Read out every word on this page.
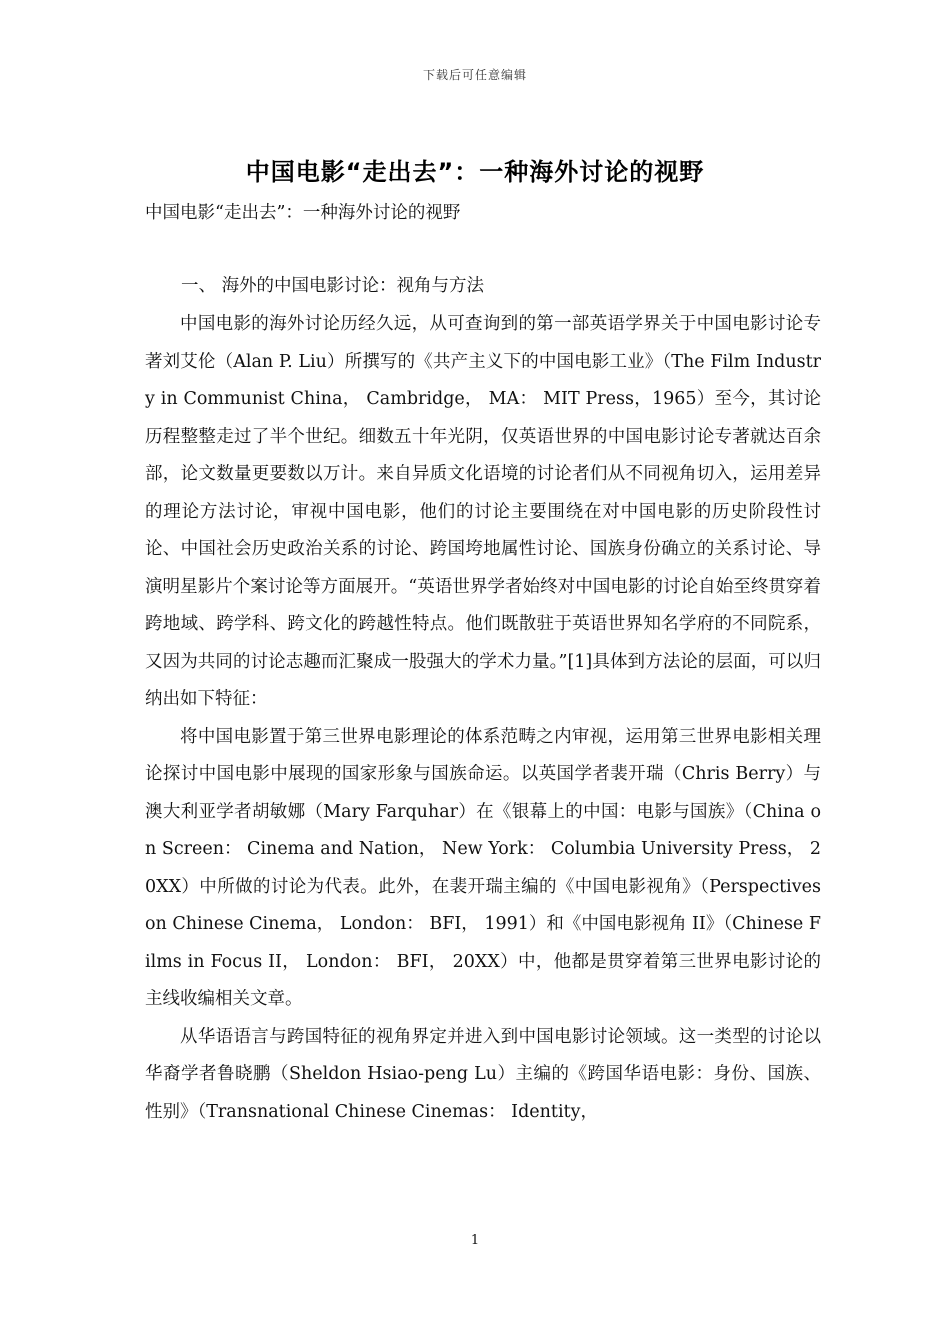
下载后可任意编辑
中国电影“走出去”：一种海外讨论的视野

中国电影“走出去”：一种海外讨论的视野

一、 海外的中国电影讨论：视角与方法

中国电影的海外讨论历经久远，从可查询到的第一部英语学界关于中国电影讨论专著刘艾伦（Alan P. Liu）所撰写的《共产主义下的中国电影工业》（The Film Industry in Communist China， Cambridge， MA： MIT Press，1965）至今，其讨论历程整整走过了半个世纪。细数五十年光阴，仅英语世界的中国电影讨论专著就达百余部，论文数量更要数以万计。来自异质文化语境的讨论者们从不同视角切入，运用差异的理论方法讨论，审视中国电影，他们的讨论主要围绕在对中国电影的历史阶段性讨论、中国社会历史政治关系的讨论、跨国垮地属性讨论、国族身份确立的关系讨论、导演明星影片个案讨论等方面展开。“英语世界学者始终对中国电影的讨论自始至终贯穿着跨地域、跨学科、跨文化的跨越性特点。他们既散驻于英语世界知名学府的不同院系，又因为共同的讨论志趣而汇聚成一股强大的学术力量。”[1]具体到方法论的层面，可以归纳出如下特征：

将中国电影置于第三世界电影理论的体系范畴之内审视，运用第三世界电影相关理论探讨中国电影中展现的国家形象与国族命运。以英国学者裴开瑞（Chris Berry）与澳大利亚学者胡敏娜（Mary Farquhar）在《银幕上的中国：电影与国族》（China on Screen： Cinema and Nation， New York： Columbia University Press， 20XX）中所做的讨论为代表。此外，在裴开瑞主编的《中国电影视角》（Perspectives on Chinese Cinema， London： BFI， 1991）和《中国电影视角 II》（Chinese Films in Focus II， London： BFI， 20XX）中，他都是贯穿着第三世界电影讨论的主线收编相关文章。

从华语语言与跨国特征的视角界定并进入到中国电影讨论领域。这一类型的讨论以华裔学者鲁晓鹏（Sheldon Hsiao-peng Lu）主编的《跨国华语电影：身份、国族、性别》（Transnational Chinese Cinemas： Identity，

1
